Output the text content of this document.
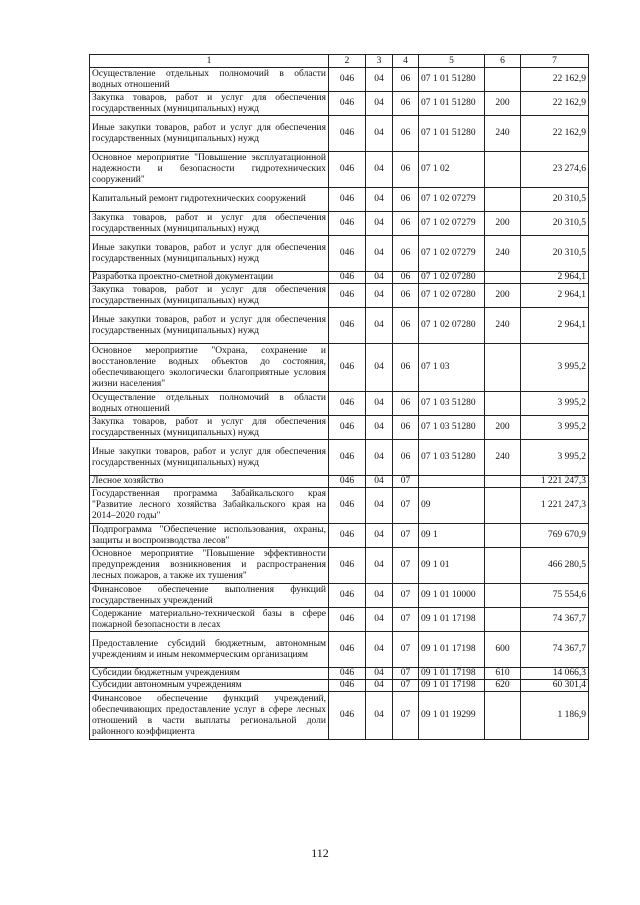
1	2	3	4	5	6	7
Осуществление отдельных полномочий в области водных отношений	046	04	06	07 1 01 51280		22 162,9
Закупка товаров, работ и услуг для обеспечения государственных (муниципальных) нужд	046	04	06	07 1 01 51280	200	22 162,9
Иные закупки товаров, работ и услуг для обеспечения государственных (муниципальных) нужд	046	04	06	07 1 01 51280	240	22 162,9
Основное мероприятие "Повышение эксплуатационной надежности и безопасности гидротехнических сооружений"	046	04	06	07 1 02		23 274,6
Капитальный ремонт гидротехнических сооружений	046	04	06	07 1 02 07279		20 310,5
Закупка товаров, работ и услуг для обеспечения государственных (муниципальных) нужд	046	04	06	07 1 02 07279	200	20 310,5
Иные закупки товаров, работ и услуг для обеспечения государственных (муниципальных) нужд	046	04	06	07 1 02 07279	240	20 310,5
Разработка проектно-сметной документации	046	04	06	07 1 02 07280		2 964,1
Закупка товаров, работ и услуг для обеспечения государственных (муниципальных) нужд	046	04	06	07 1 02 07280	200	2 964,1
Иные закупки товаров, работ и услуг для обеспечения государственных (муниципальных) нужд	046	04	06	07 1 02 07280	240	2 964,1
Основное мероприятие "Охрана, сохранение и восстановление водных объектов до состояния, обеспечивающего экологически благоприятные условия жизни населения"	046	04	06	07 1 03		3 995,2
Осуществление отдельных полномочий в области водных отношений	046	04	06	07 1 03 51280		3 995,2
Закупка товаров, работ и услуг для обеспечения государственных (муниципальных) нужд	046	04	06	07 1 03 51280	200	3 995,2
Иные закупки товаров, работ и услуг для обеспечения государственных (муниципальных) нужд	046	04	06	07 1 03 51280	240	3 995,2
Лесное хозяйство	046	04	07			1 221 247,3
Государственная программа Забайкальского края "Развитие лесного хозяйства Забайкальского края на 2014–2020 годы"	046	04	07	09		1 221 247,3
Подпрограмма "Обеспечение использования, охраны, защиты и воспроизводства лесов"	046	04	07	09 1		769 670,9
Основное мероприятие "Повышение эффективности предупреждения возникновения и распространения лесных пожаров, а также их тушения"	046	04	07	09 1 01		466 280,5
Финансовое обеспечение выполнения функций государственных учреждений	046	04	07	09 1 01 10000		75 554,6
Содержание материально-технической базы в сфере пожарной безопасности в лесах	046	04	07	09 1 01 17198		74 367,7
Предоставление субсидий бюджетным, автономным учреждениям и иным некоммерческим организациям	046	04	07	09 1 01 17198	600	74 367,7
Субсидии бюджетным учреждениям	046	04	07	09 1 01 17198	610	14 066,3
Субсидии автономным учреждениям	046	04	07	09 1 01 17198	620	60 301,4
Финансовое обеспечение функций учреждений, обеспечивающих предоставление услуг в сфере лесных отношений в части выплаты региональной доли районного коэффициента	046	04	07	09 1 01 19299		1 186,9
112
